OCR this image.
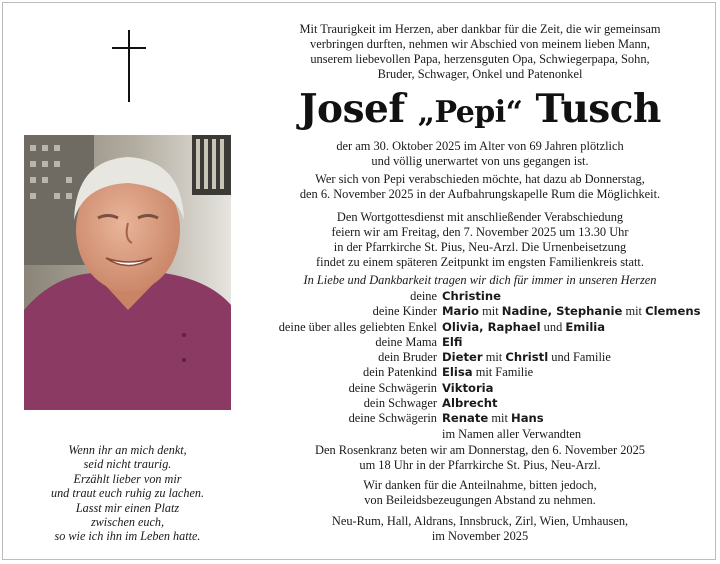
Mit Traurigkeit im Herzen, aber dankbar für die Zeit, die wir gemeinsam
verbringen durften, nehmen wir Abschied von meinem lieben Mann,
unserem liebevollen Papa, herzensguten Opa, Schwiegerpapa, Sohn,
Bruder, Schwager, Onkel und Patenonkel
Josef „Pepi“ Tusch
der am 30. Oktober 2025 im Alter von 69 Jahren plötzlich
und völlig unerwartet von uns gegangen ist.
Wer sich von Pepi verabschieden möchte, hat dazu ab Donnerstag,
den 6. November 2025 in der Aufbahrungskapelle Rum die Möglichkeit.
Den Wortgottesdienst mit anschließender Verabschiedung
feiern wir am Freitag, den 7. November 2025 um 13.30 Uhr
in der Pfarrkirche St. Pius, Neu-Arzl. Die Urnenbeisetzung
findet zu einem späteren Zeitpunkt im engsten Familienkreis statt.
In Liebe und Dankbarkeit tragen wir dich für immer in unseren Herzen
deine Christine
deine Kinder Mario mit Nadine, Stephanie mit Clemens
deine über alles geliebten Enkel Olivia, Raphael und Emilia
deine Mama Elfi
dein Bruder Dieter mit Christl und Familie
dein Patenkind Elisa mit Familie
deine Schwägerin Viktoria
dein Schwager Albrecht
deine Schwägerin Renate mit Hans
im Namen aller Verwandten
Den Rosenkranz beten wir am Donnerstag, den 6. November 2025
um 18 Uhr in der Pfarrkirche St. Pius, Neu-Arzl.
Wir danken für die Anteilnahme, bitten jedoch,
von Beileidsbezeugungen Abstand zu nehmen.
Neu-Rum, Hall, Aldrans, Innsbruck, Zirl, Wien, Umhausen,
im November 2025
Wenn ihr an mich denkt,
seid nicht traurig.
Erzählt lieber von mir
und traut euch ruhig zu lachen.
Lasst mir einen Platz
zwischen euch,
so wie ich ihn im Leben hatte.
